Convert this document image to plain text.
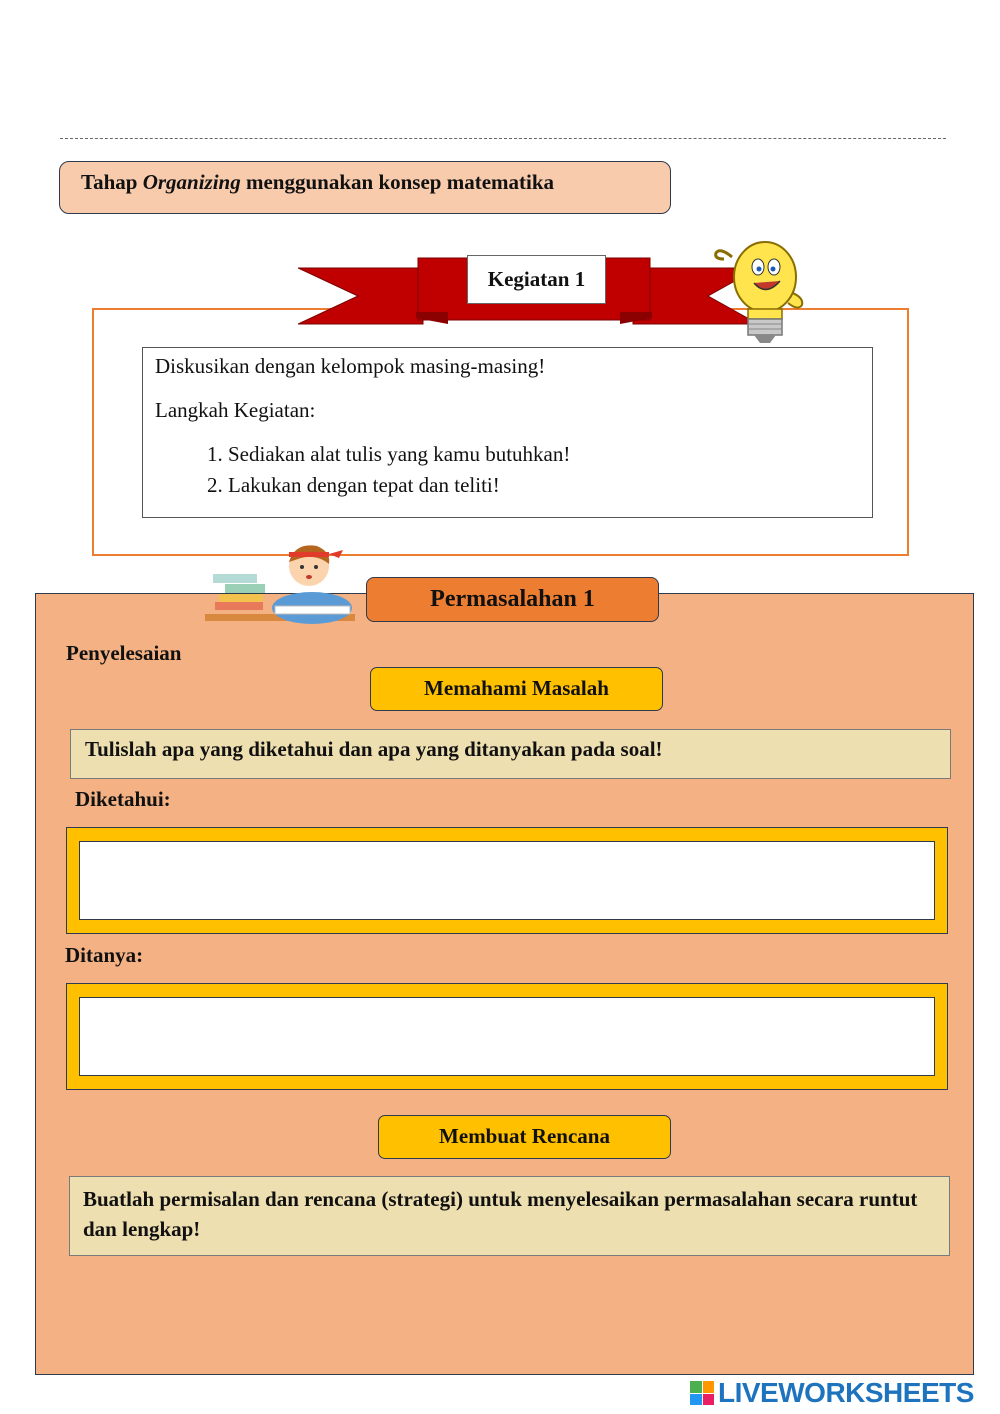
Tahap Organizing menggunakan konsep matematika
Kegiatan 1

Diskusikan dengan kelompok masing-masing!

Langkah Kegiatan:

1. Sediakan alat tulis yang kamu butuhkan!
2. Lakukan dengan tepat dan teliti!
Permasalahan 1
Penyelesaian
Memahami Masalah
Tulislah apa yang diketahui dan apa yang ditanyakan pada soal!
Diketahui:
Ditanya:
Membuat Rencana
Buatlah permisalan dan rencana (strategi) untuk menyelesaikan permasalahan secara runtut dan lengkap!
LIVEWORKSHEETS
